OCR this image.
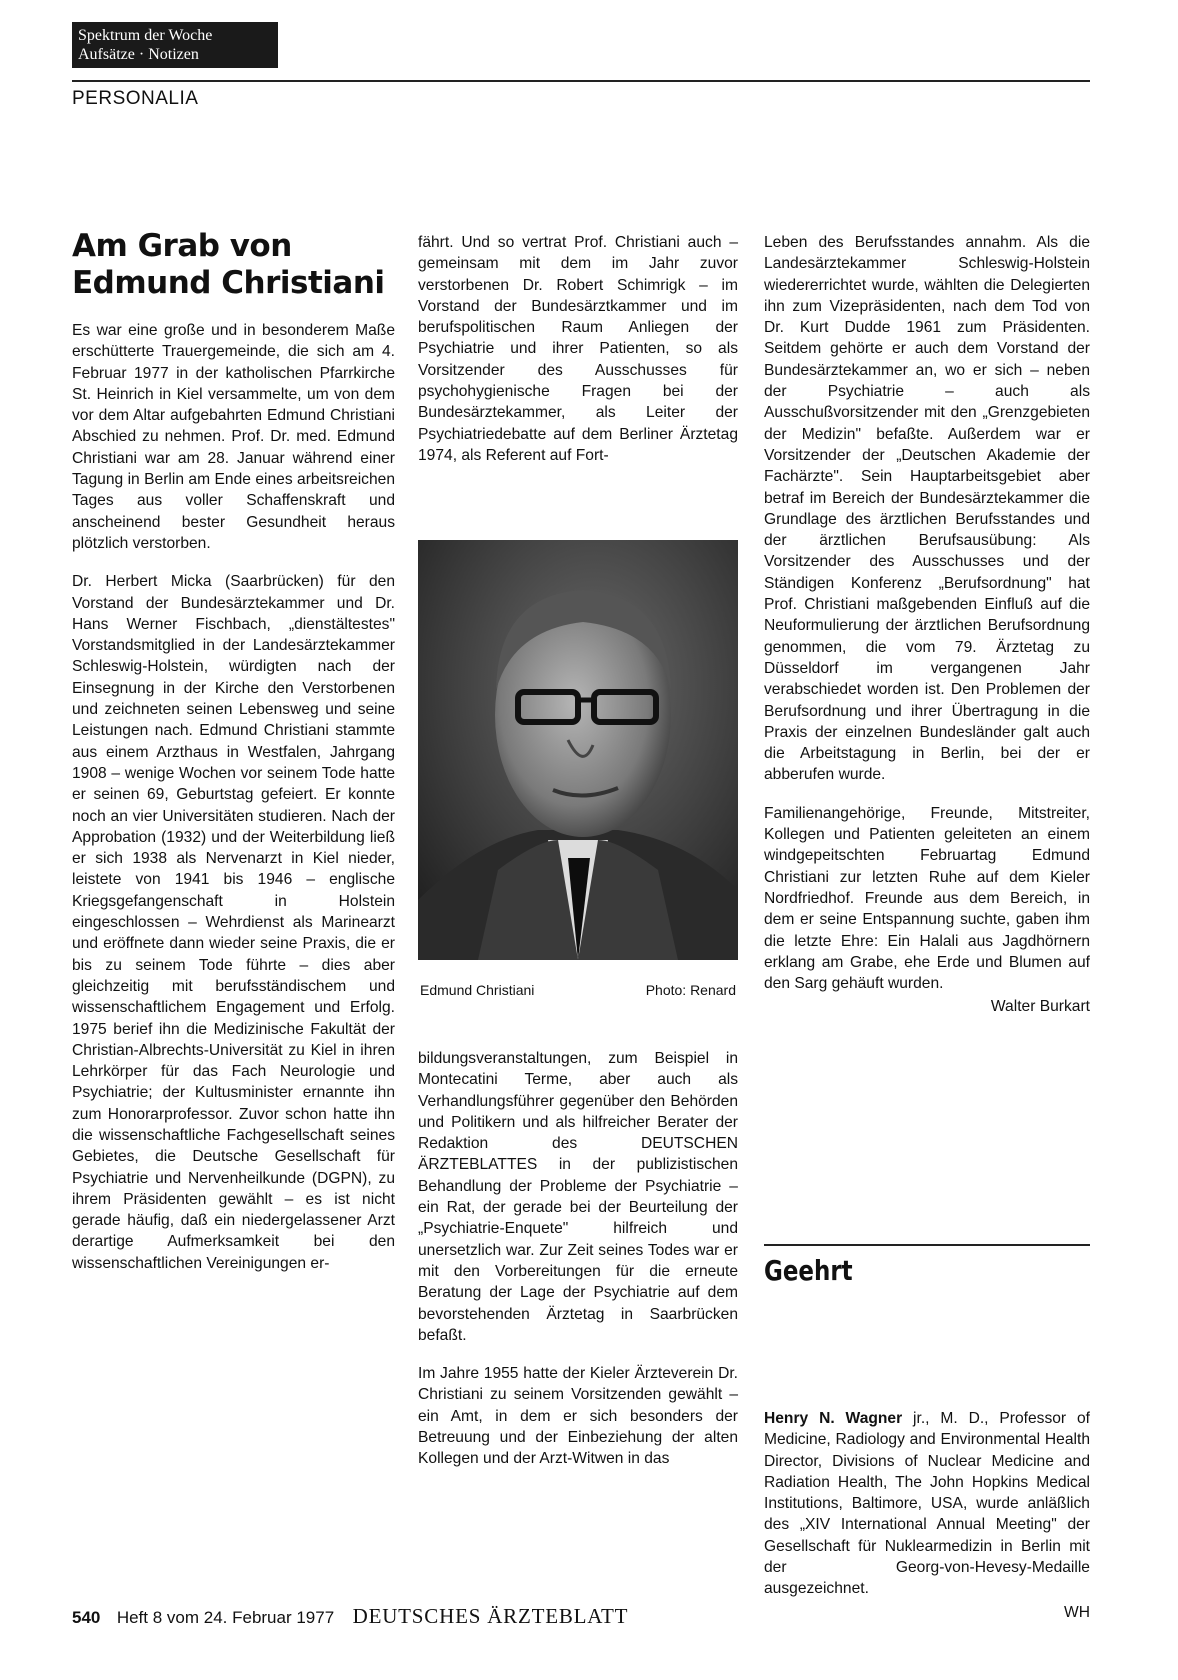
Spektrum der Woche
Aufsätze · Notizen
PERSONALIA
Am Grab von
Edmund Christiani

Es war eine große und in besonderem Maße erschütterte Trauergemeinde, die sich am 4. Februar 1977 in der katholischen Pfarrkirche St. Heinrich in Kiel versammelte, um von dem vor dem Altar aufgebahrten Edmund Christiani Abschied zu nehmen. Prof. Dr. med. Edmund Christiani war am 28. Januar während einer Tagung in Berlin am Ende eines arbeitsreichen Tages aus voller Schaffenskraft und anscheinend bester Gesundheit heraus plötzlich verstorben.

Dr. Herbert Micka (Saarbrücken) für den Vorstand der Bundesärztekammer und Dr. Hans Werner Fischbach, „dienstältestes" Vorstandsmitglied in der Landesärztekammer Schleswig-Holstein, würdigten nach der Einsegnung in der Kirche den Verstorbenen und zeichneten seinen Lebensweg und seine Leistungen nach. Edmund Christiani stammte aus einem Arzthaus in Westfalen, Jahrgang 1908 – wenige Wochen vor seinem Tode hatte er seinen 69, Geburtstag gefeiert. Er konnte noch an vier Universitäten studieren. Nach der Approbation (1932) und der Weiterbildung ließ er sich 1938 als Nervenarzt in Kiel nieder, leistete von 1941 bis 1946 – englische Kriegsgefangenschaft in Holstein eingeschlossen – Wehrdienst als Marinearzt und eröffnete dann wieder seine Praxis, die er bis zu seinem Tode führte – dies aber gleichzeitig mit berufsständischem und wissenschaftlichem Engagement und Erfolg. 1975 berief ihn die Medizinische Fakultät der Christian-Albrechts-Universität zu Kiel in ihren Lehrkörper für das Fach Neurologie und Psychiatrie; der Kultusminister ernannte ihn zum Honorarprofessor. Zuvor schon hatte ihn die wissenschaftliche Fachgesellschaft seines Gebietes, die Deutsche Gesellschaft für Psychiatrie und Nervenheilkunde (DGPN), zu ihrem Präsidenten gewählt – es ist nicht gerade häufig, daß ein niedergelassener Arzt derartige Aufmerksamkeit bei den wissenschaftlichen Vereinigungen er-

fährt. Und so vertrat Prof. Christiani auch – gemeinsam mit dem im Jahr zuvor verstorbenen Dr. Robert Schimrigk – im Vorstand der Bundesärztkammer und im berufspolitischen Raum Anliegen der Psychiatrie und ihrer Patienten, so als Vorsitzender des Ausschusses für psychohygienische Fragen bei der Bundesärztekammer, als Leiter der Psychiatriedebatte auf dem Berliner Ärztetag 1974, als Referent auf Fort-

Edmund Christiani	Photo: Renard

bildungsveranstaltungen, zum Beispiel in Montecatini Terme, aber auch als Verhandlungsführer gegenüber den Behörden und Politikern und als hilfreicher Berater der Redaktion des DEUTSCHEN ÄRZTEBLATTES in der publizistischen Behandlung der Probleme der Psychiatrie – ein Rat, der gerade bei der Beurteilung der „Psychiatrie-Enquete" hilfreich und unersetzlich war. Zur Zeit seines Todes war er mit den Vorbereitungen für die erneute Beratung der Lage der Psychiatrie auf dem bevorstehenden Ärztetag in Saarbrücken befaßt.

Im Jahre 1955 hatte der Kieler Ärzteverein Dr. Christiani zu seinem Vorsitzenden gewählt – ein Amt, in dem er sich besonders der Betreuung und der Einbeziehung der alten Kollegen und der Arzt-Witwen in das

Leben des Berufsstandes annahm. Als die Landesärztekammer Schleswig-Holstein wiedererrichtet wurde, wählten die Delegierten ihn zum Vizepräsidenten, nach dem Tod von Dr. Kurt Dudde 1961 zum Präsidenten. Seitdem gehörte er auch dem Vorstand der Bundesärztekammer an, wo er sich – neben der Psychiatrie – auch als Ausschußvorsitzender mit den „Grenzgebieten der Medizin" befaßte. Außerdem war er Vorsitzender der „Deutschen Akademie der Fachärzte". Sein Hauptarbeitsgebiet aber betraf im Bereich der Bundesärztekammer die Grundlage des ärztlichen Berufsstandes und der ärztlichen Berufsausübung: Als Vorsitzender des Ausschusses und der Ständigen Konferenz „Berufsordnung" hat Prof. Christiani maßgebenden Einfluß auf die Neuformulierung der ärztlichen Berufsordnung genommen, die vom 79. Ärztetag zu Düsseldorf im vergangenen Jahr verabschiedet worden ist. Den Problemen der Berufsordnung und ihrer Übertragung in die Praxis der einzelnen Bundesländer galt auch die Arbeitstagung in Berlin, bei der er abberufen wurde.

Familienangehörige, Freunde, Mitstreiter, Kollegen und Patienten geleiteten an einem windgepeitschten Februartag Edmund Christiani zur letzten Ruhe auf dem Kieler Nordfriedhof. Freunde aus dem Bereich, in dem er seine Entspannung suchte, gaben ihm die letzte Ehre: Ein Halali aus Jagdhörnern erklang am Grabe, ehe Erde und Blumen auf den Sarg gehäuft wurden.

Walter Burkart
Geehrt

Henry N. Wagner jr., M. D., Professor of Medicine, Radiology and Environmental Health Director, Divisions of Nuclear Medicine and Radiation Health, The John Hopkins Medical Institutions, Baltimore, USA, wurde anläßlich des „XIV International Annual Meeting" der Gesellschaft für Nuklearmedizin in Berlin mit der Georg-von-Hevesy-Medaille ausgezeichnet.

WH
540 Heft 8 vom 24. Februar 1977 DEUTSCHES ÄRZTEBLATT
